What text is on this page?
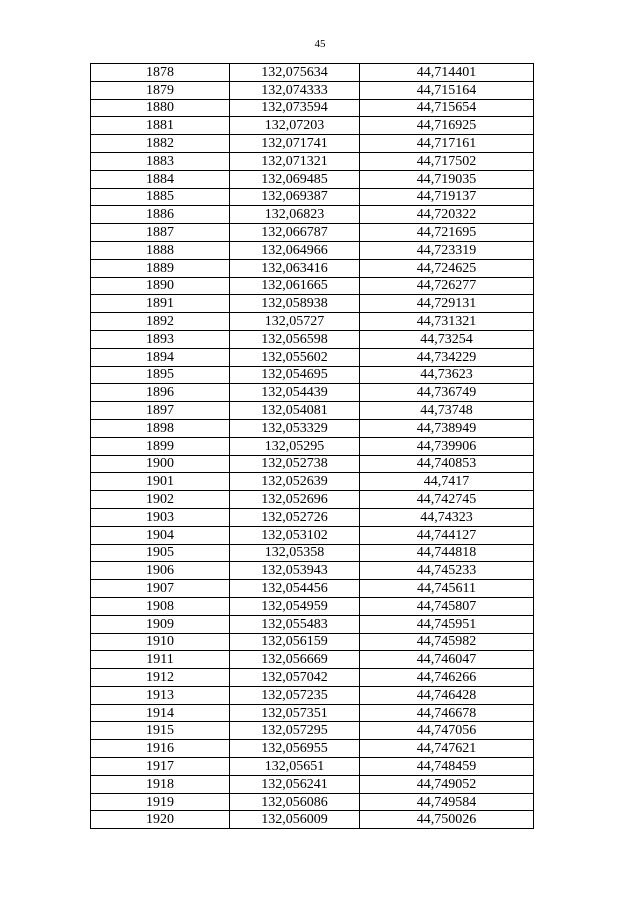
45
1878	132,075634	44,714401
1879	132,074333	44,715164
1880	132,073594	44,715654
1881	132,07203	44,716925
1882	132,071741	44,717161
1883	132,071321	44,717502
1884	132,069485	44,719035
1885	132,069387	44,719137
1886	132,06823	44,720322
1887	132,066787	44,721695
1888	132,064966	44,723319
1889	132,063416	44,724625
1890	132,061665	44,726277
1891	132,058938	44,729131
1892	132,05727	44,731321
1893	132,056598	44,73254
1894	132,055602	44,734229
1895	132,054695	44,73623
1896	132,054439	44,736749
1897	132,054081	44,73748
1898	132,053329	44,738949
1899	132,05295	44,739906
1900	132,052738	44,740853
1901	132,052639	44,7417
1902	132,052696	44,742745
1903	132,052726	44,74323
1904	132,053102	44,744127
1905	132,05358	44,744818
1906	132,053943	44,745233
1907	132,054456	44,745611
1908	132,054959	44,745807
1909	132,055483	44,745951
1910	132,056159	44,745982
1911	132,056669	44,746047
1912	132,057042	44,746266
1913	132,057235	44,746428
1914	132,057351	44,746678
1915	132,057295	44,747056
1916	132,056955	44,747621
1917	132,05651	44,748459
1918	132,056241	44,749052
1919	132,056086	44,749584
1920	132,056009	44,750026
